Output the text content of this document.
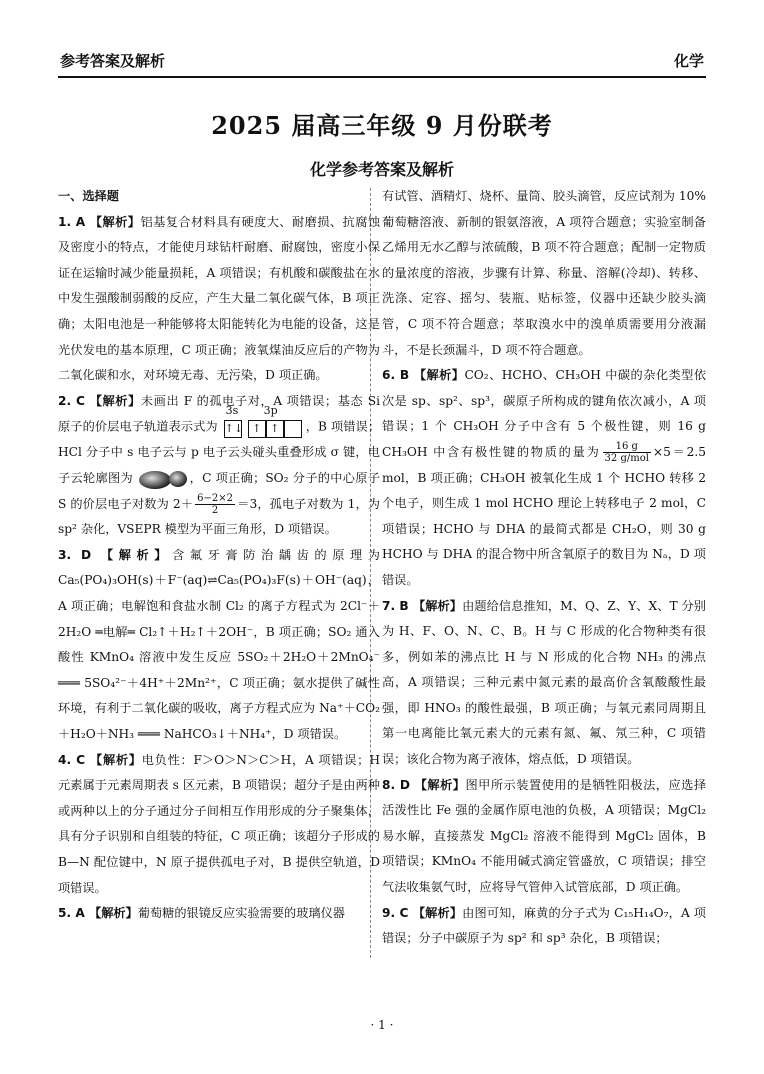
参考答案及解析	化学
2025 届高三年级 9 月份联考
化学参考答案及解析

一、选择题

1. A 【解析】铝基复合材料具有硬度大、耐磨损、抗腐蚀及密度小的特点，才能使月球钻杆耐磨、耐腐蚀，密度小保证在运输时减少能量损耗，A 项错误；有机酸和碳酸盐在水中发生强酸制弱酸的反应，产生大量二氧化碳气体，B 项正确；太阳电池是一种能够将太阳能转化为电能的设备，这是光伏发电的基本原理，C 项正确；液氧煤油反应后的产物为二氧化碳和水，对环境无毒、无污染，D 项正确。

2. C 【解析】未画出 F 的孤电子对，A 项错误；基态 Si 原子的价层电子轨道表示式为
3s 3p
↑↓ ↑ ↑	，B 项错误；HCl 分子中 s 电子云与 p 电子云头碰头重叠形成 σ 键，电子云轮廓图为	，C 项正确；SO₂ 分子的中心原子 S 的价层电子对数为 $2+ \frac{6-2\times 2}{2} =3$，孤电子对数为 1，为 sp² 杂化，VSEPR 模型为平面三角形，D 项错误。

3. D 【解析】含氟牙膏防治龋齿的原理为 Ca₅(PO₄)₃OH(s)＋F⁻(aq)⇌Ca₅(PO₄)₃F(s)＋OH⁻(aq)，A 项正确；电解饱和食盐水制 Cl₂ 的离子方程式为 2Cl⁻＋2H₂O ═电解═ Cl₂↑＋H₂↑＋2OH⁻，B 项正确；SO₂ 通入酸性 KMnO₄ 溶液中发生反应 5SO₂＋2H₂O＋2MnO₄⁻ ═══ 5SO₄²⁻＋4H⁺＋2Mn²⁺，C 项正确；氨水提供了碱性环境，有利于二氧化碳的吸收，离子方程式应为 Na⁺＋CO₂＋H₂O＋NH₃ ═══ NaHCO₃↓＋NH₄⁺，D 项错误。

4. C 【解析】电负性：F＞O＞N＞C＞H，A 项错误；H 元素属于元素周期表 s 区元素，B 项错误；超分子是由两种或两种以上的分子通过分子间相互作用形成的分子聚集体，具有分子识别和自组装的特征，C 项正确；该超分子形成的 B—N 配位键中，N 原子提供孤电子对，B 提供空轨道，D 项错误。

5. A 【解析】葡萄糖的银镜反应实验需要的玻璃仪器

有试管、酒精灯、烧杯、量筒、胶头滴管，反应试剂为 10% 葡萄糖溶液、新制的银氨溶液，A 项符合题意；实验室制备乙烯用无水乙醇与浓硫酸，B 项不符合题意；配制一定物质的量浓度的溶液，步骤有计算、称量、溶解(冷却)、转移、洗涤、定容、摇匀、装瓶、贴标签，仪器中还缺少胶头滴管，C 项不符合题意；萃取溴水中的溴单质需要用分液漏斗，不是长颈漏斗，D 项不符合题意。

6. B 【解析】CO₂、HCHO、CH₃OH 中碳的杂化类型依次是 sp、sp²、sp³，碳原子所构成的键角依次减小，A 项错误；1 个 CH₃OH 分子中含有 5 个极性键，则 16 g CH₃OH 中含有极性键的物质的量为 $\frac{16 g}{\text{32 g/mol}} \times 5=2.5$ mol，B 项正确；CH₃OH 被氧化生成 1 个 HCHO 转移 2 个电子，则生成 1 mol HCHO 理论上转移电子 2 mol，C 项错误；HCHO 与 DHA 的最简式都是 CH₂O，则 30 g HCHO 与 DHA 的混合物中所含氧原子的数目为 Nₐ，D 项错误。

7. B 【解析】由题给信息推知，M、Q、Z、Y、X、T 分别为 H、F、O、N、C、B。H 与 C 形成的化合物种类有很多，例如苯的沸点比 H 与 N 形成的化合物 NH₃ 的沸点高，A 项错误；三种元素中氮元素的最高价含氧酸酸性最强，即 HNO₃ 的酸性最强，B 项正确；与氧元素同周期且第一电离能比氧元素大的元素有氮、氟、氖三种，C 项错误；该化合物为离子液体，熔点低，D 项错误。

8. D 【解析】图甲所示装置使用的是牺牲阳极法，应选择活泼性比 Fe 强的金属作原电池的负极，A 项错误；MgCl₂ 易水解，直接蒸发 MgCl₂ 溶液不能得到 MgCl₂ 固体，B 项错误；KMnO₄ 不能用碱式滴定管盛放，C 项错误；排空气法收集氨气时，应将导气管伸入试管底部，D 项正确。

9. C 【解析】由图可知，麻黄的分子式为 C₁₅H₁₄O₇，A 项错误；分子中碳原子为 sp² 和 sp³ 杂化，B 项错误；

· 1 ·
